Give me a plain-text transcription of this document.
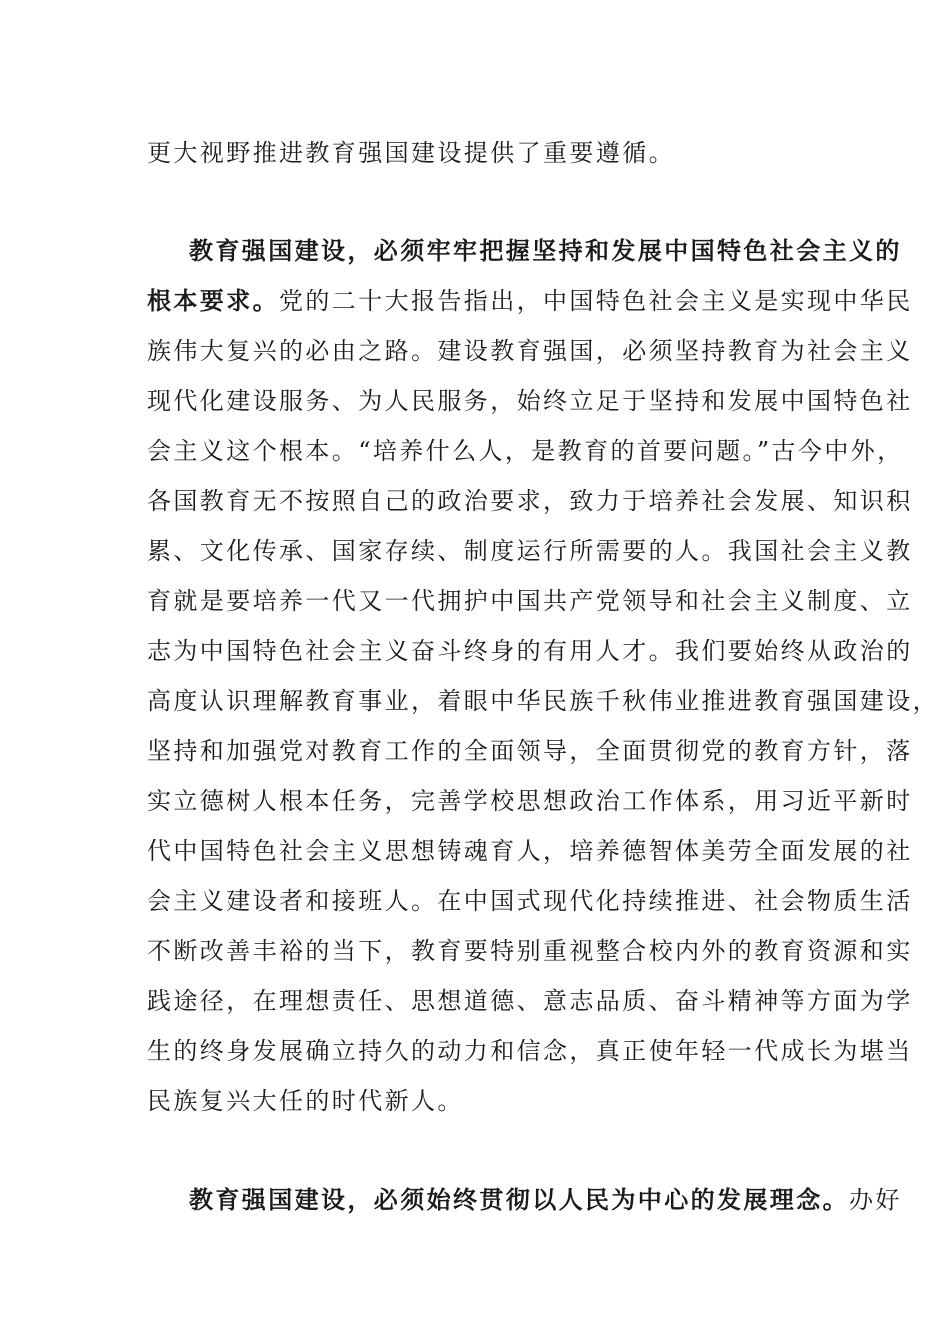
更大视野推进教育强国建设提供了重要遵循。
教育强国建设，必须牢牢把握坚持和发展中国特色社会主义的
根本要求。党的二十大报告指出，中国特色社会主义是实现中华民
族伟大复兴的必由之路。建设教育强国，必须坚持教育为社会主义
现代化建设服务、为人民服务，始终立足于坚持和发展中国特色社
会主义这个根本。“培养什么人，是教育的首要问题。”古今中外，
各国教育无不按照自己的政治要求，致力于培养社会发展、知识积
累、文化传承、国家存续、制度运行所需要的人。我国社会主义教
育就是要培养一代又一代拥护中国共产党领导和社会主义制度、立
志为中国特色社会主义奋斗终身的有用人才。我们要始终从政治的
高度认识理解教育事业，着眼中华民族千秋伟业推进教育强国建设，
坚持和加强党对教育工作的全面领导，全面贯彻党的教育方针，落
实立德树人根本任务，完善学校思想政治工作体系，用习近平新时
代中国特色社会主义思想铸魂育人，培养德智体美劳全面发展的社
会主义建设者和接班人。在中国式现代化持续推进、社会物质生活
不断改善丰裕的当下，教育要特别重视整合校内外的教育资源和实
践途径，在理想责任、思想道德、意志品质、奋斗精神等方面为学
生的终身发展确立持久的动力和信念，真正使年轻一代成长为堪当
民族复兴大任的时代新人。
教育强国建设，必须始终贯彻以人民为中心的发展理念。办好
